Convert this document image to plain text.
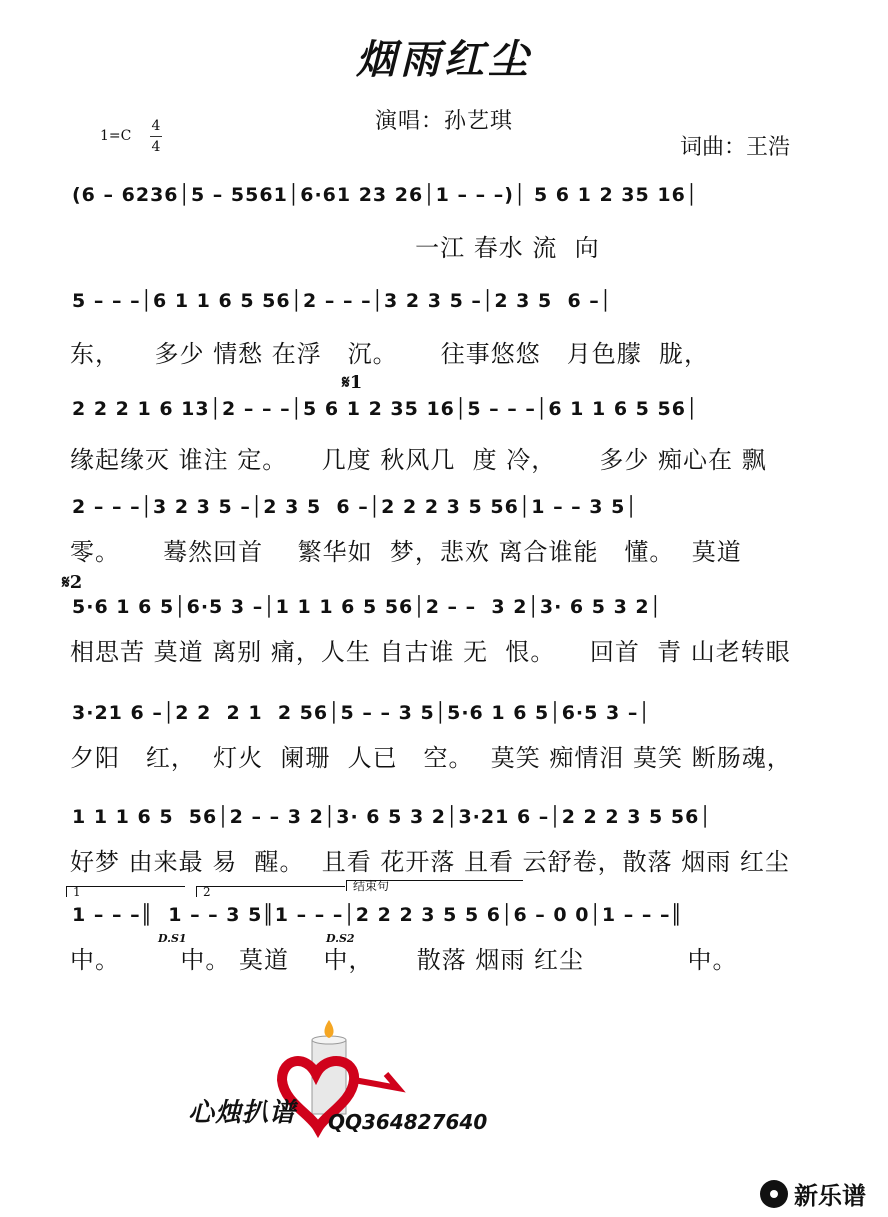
烟雨红尘
演唱：孙艺琪
1=C
4
4	词曲：王浩
(6 – 6236│5 – 5561│6·61 23 26│1 – – –)│ 5 6 1 2 35 16│
一江 春水 流  向
5 – – –│6 1 1 6 5 56│2 – – –│3 2 3 5 –│2 3 5  6 –│
东，    多少 情愁 在浮   沉。     往事悠悠   月色朦  胧，
𝄋1
2 2 2 1 6 13│2 – – –│5 6 1 2 35 16│5 – – –│6 1 1 6 5 56│
缘起缘灭 谁注 定。    几度 秋风几  度 冷，     多少 痴心在 飘
2 – – –│3 2 3 5 –│2 3 5  6 –│2 2 2 3 5 56│1 – – 3 5│
零。     蓦然回首    繁华如  梦，悲欢 离合谁能   懂。  莫道
𝄋2
5·6 1 6 5│6·5 3 –│1 1 1 6 5 56│2 – –  3 2│3· 6 5 3 2│
相思苦 莫道 离别 痛，人生 自古谁 无  恨。    回首  青 山老转眼
3·21 6 –│2 2  2 1  2 56│5 – – 3 5│5·6 1 6 5│6·5 3 –│
夕阳   红，  灯火  阑珊  人已   空。  莫笑 痴情泪 莫笑 断肠魂，
1 1 1 6 5  56│2 – – 3 2│3· 6 5 3 2│3·21 6 –│2 2 2 3 5 56│
好梦 由来最 易  醒。  且看 花开落 且看 云舒卷，散落 烟雨 红尘
1	2	结束句
1 – – –║  1 – – 3 5║1 – – –│2 2 2 3 5 5 6│6 – 0 0│1 – – –║
D.S1	D.S2
中。       中。 莫道    中，     散落 烟雨 红尘            中。
心烛扒谱 QQ364827640
新乐谱
